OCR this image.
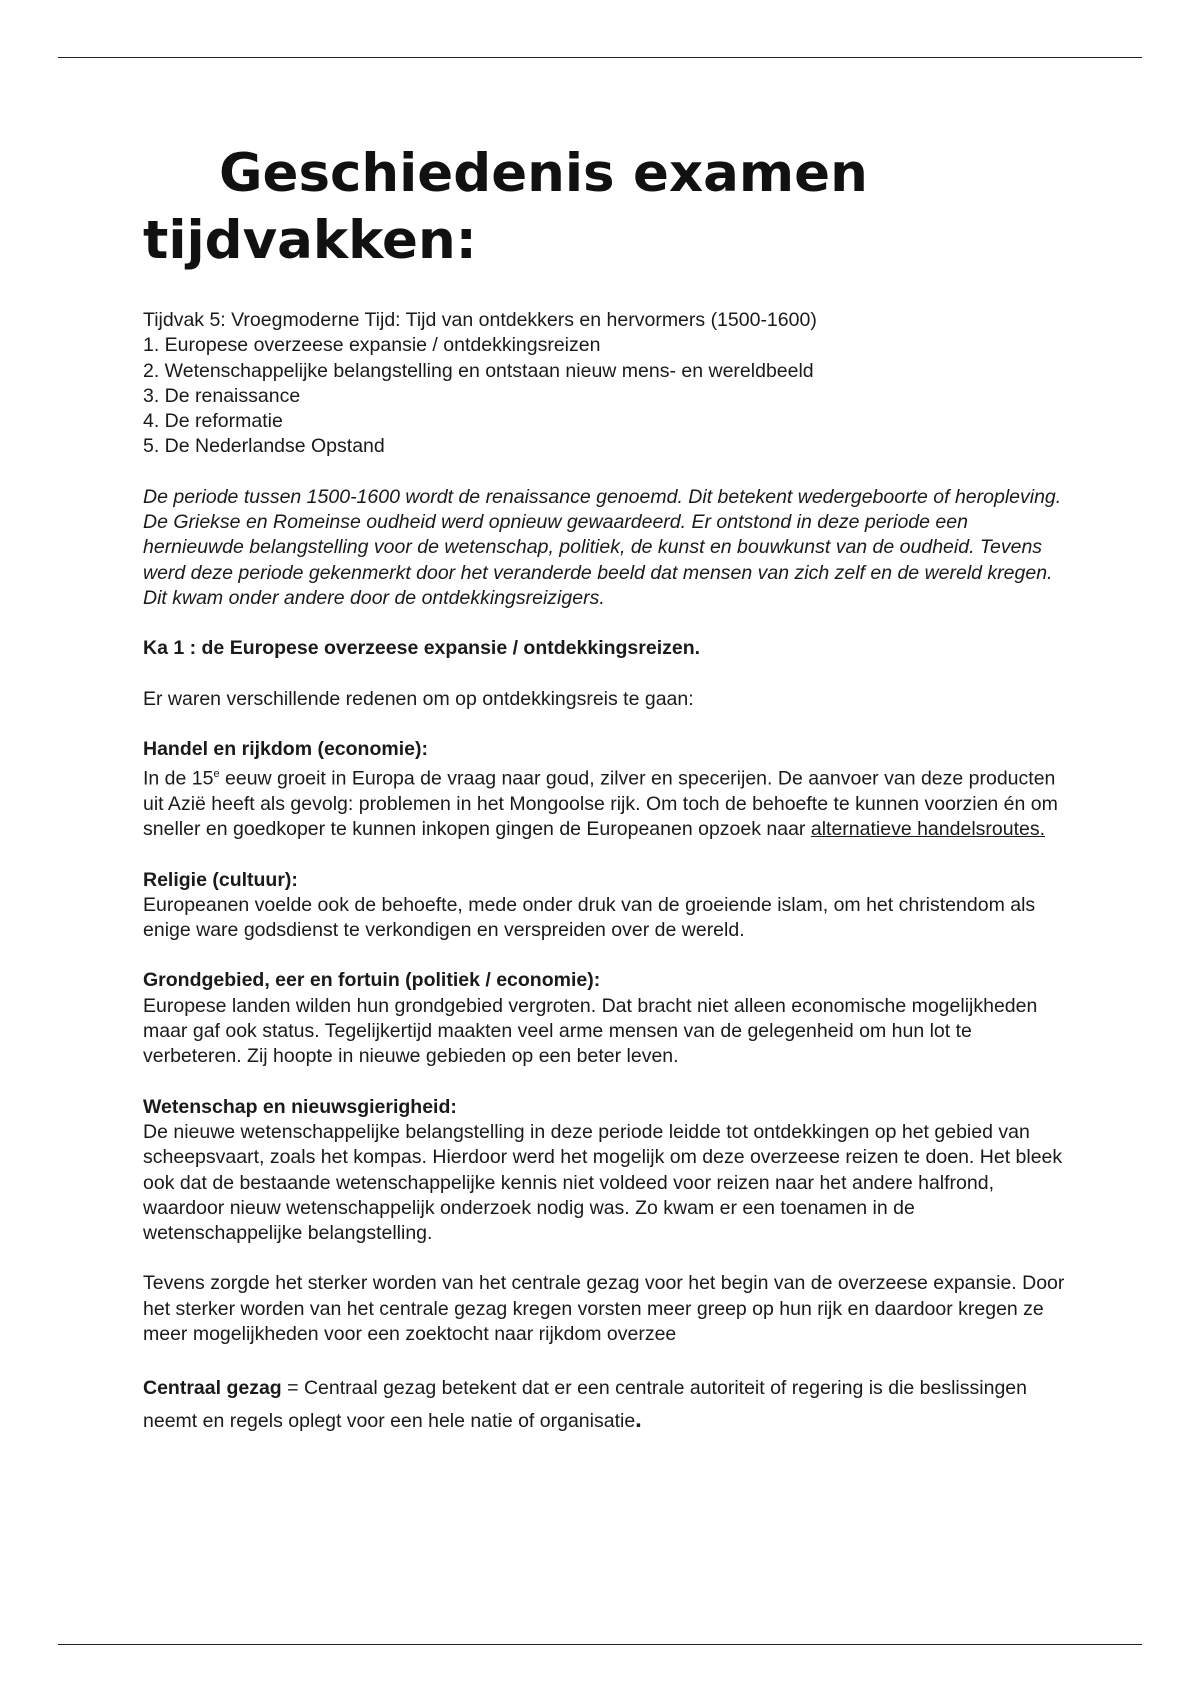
Geschiedenis examen
tijdvakken:
Tijdvak 5: Vroegmoderne Tijd: Tijd van ontdekkers en hervormers (1500-1600)
1. Europese overzeese expansie / ontdekkingsreizen
2. Wetenschappelijke belangstelling en ontstaan nieuw mens- en wereldbeeld
3. De renaissance
4. De reformatie
5. De Nederlandse Opstand

De periode tussen 1500-1600 wordt de renaissance genoemd. Dit betekent wedergeboorte of heropleving. De Griekse en Romeinse oudheid werd opnieuw gewaardeerd. Er ontstond in deze periode een hernieuwde belangstelling voor de wetenschap, politiek, de kunst en bouwkunst van de oudheid. Tevens werd deze periode gekenmerkt door het veranderde beeld dat mensen van zich zelf en de wereld kregen. Dit kwam onder andere door de ontdekkingsreizigers.

Ka 1 : de Europese overzeese expansie / ontdekkingsreizen.

Er waren verschillende redenen om op ontdekkingsreis te gaan:

Handel en rijkdom (economie):

In de 15e eeuw groeit in Europa de vraag naar goud, zilver en specerijen. De aanvoer van deze producten uit Azië heeft als gevolg: problemen in het Mongoolse rijk. Om toch de behoefte te kunnen voorzien én om sneller en goedkoper te kunnen inkopen gingen de Europeanen opzoek naar alternatieve handelsroutes.

Religie (cultuur):

Europeanen voelde ook de behoefte, mede onder druk van de groeiende islam, om het christendom als enige ware godsdienst te verkondigen en verspreiden over de wereld.

Grondgebied, eer en fortuin (politiek / economie):

Europese landen wilden hun grondgebied vergroten. Dat bracht niet alleen economische mogelijkheden maar gaf ook status. Tegelijkertijd maakten veel arme mensen van de gelegenheid om hun lot te verbeteren. Zij hoopte in nieuwe gebieden op een beter leven.

Wetenschap en nieuwsgierigheid:

De nieuwe wetenschappelijke belangstelling in deze periode leidde tot ontdekkingen op het gebied van scheepsvaart, zoals het kompas. Hierdoor werd het mogelijk om deze overzeese reizen te doen. Het bleek ook dat de bestaande wetenschappelijke kennis niet voldeed voor reizen naar het andere halfrond, waardoor nieuw wetenschappelijk onderzoek nodig was. Zo kwam er een toenamen in de wetenschappelijke belangstelling.

Tevens zorgde het sterker worden van het centrale gezag voor het begin van de overzeese expansie. Door het sterker worden van het centrale gezag kregen vorsten meer greep op hun rijk en daardoor kregen ze meer mogelijkheden voor een zoektocht naar rijkdom overzee

Centraal gezag = Centraal gezag betekent dat er een centrale autoriteit of regering is die beslissingen neemt en regels oplegt voor een hele natie of organisatie.
